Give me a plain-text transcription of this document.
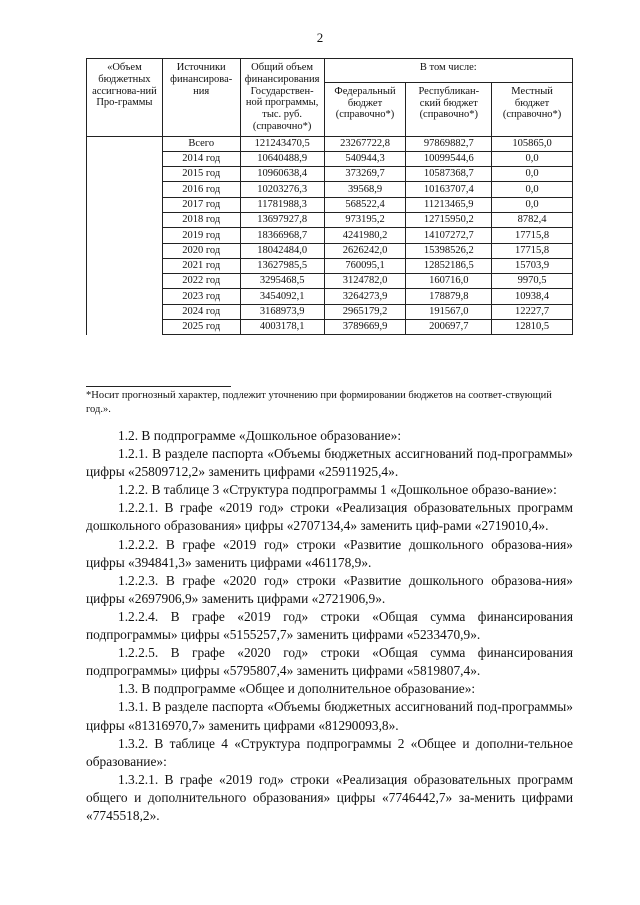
2
«Объем бюджетных ассигнова-ний Про-граммы	Источники финансирова-ния	Общий объем финансирования Государствен-ной программы, тыс. руб. (справочно*)	В том числе:		
			Федеральный бюджет (справочно*)	Республикан-ский бюджет (справочно*)	Местный бюджет (справочно*)
	Всего	121243470,5	23267722,8	97869882,7	105865,0
	2014 год	10640488,9	540944,3	10099544,6	0,0
	2015 год	10960638,4	373269,7	10587368,7	0,0
	2016 год	10203276,3	39568,9	10163707,4	0,0
	2017 год	11781988,3	568522,4	11213465,9	0,0
	2018 год	13697927,8	973195,2	12715950,2	8782,4
	2019 год	18366968,7	4241980,2	14107272,7	17715,8
	2020 год	18042484,0	2626242,0	15398526,2	17715,8
	2021 год	13627985,5	760095,1	12852186,5	15703,9
	2022 год	3295468,5	3124782,0	160716,0	9970,5
	2023 год	3454092,1	3264273,9	178879,8	10938,4
	2024 год	3168973,9	2965179,2	191567,0	12227,7
	2025 год	4003178,1	3789669,9	200697,7	12810,5
*Носит прогнозный характер, подлежит уточнению при формировании бюджетов на соответ-ствующий год.».

1.2. В подпрограмме «Дошкольное образование»:

1.2.1. В разделе паспорта «Объемы бюджетных ассигнований под-программы» цифры «25809712,2» заменить цифрами «25911925,4».

1.2.2. В таблице 3 «Структура подпрограммы 1 «Дошкольное образо-вание»:

1.2.2.1. В графе «2019 год» строки «Реализация образовательных программ дошкольного образования» цифры «2707134,4» заменить циф-рами «2719010,4».

1.2.2.2. В графе «2019 год» строки «Развитие дошкольного образова-ния» цифры «394841,3» заменить цифрами «461178,9».

1.2.2.3. В графе «2020 год» строки «Развитие дошкольного образова-ния» цифры «2697906,9» заменить цифрами «2721906,9».

1.2.2.4. В графе «2019 год» строки «Общая сумма финансирования подпрограммы» цифры «5155257,7» заменить цифрами «5233470,9».

1.2.2.5. В графе «2020 год» строки «Общая сумма финансирования подпрограммы» цифры «5795807,4» заменить цифрами «5819807,4».

1.3. В подпрограмме «Общее и дополнительное образование»:

1.3.1. В разделе паспорта «Объемы бюджетных ассигнований под-программы» цифры «81316970,7» заменить цифрами «81290093,8».

1.3.2. В таблице 4 «Структура подпрограммы 2 «Общее и дополни-тельное образование»:

1.3.2.1. В графе «2019 год» строки «Реализация образовательных программ общего и дополнительного образования» цифры «7746442,7» за-менить цифрами «7745518,2».
